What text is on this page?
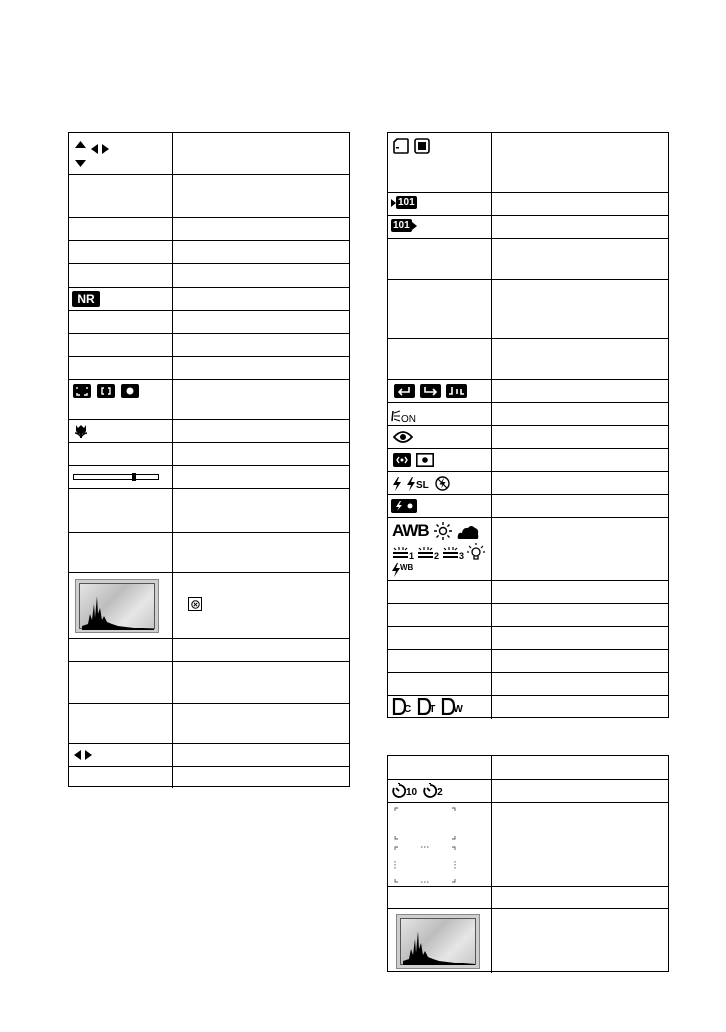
NR
101
101
ON
SL
AWB
1 2 3
WB
C T W
10 2
